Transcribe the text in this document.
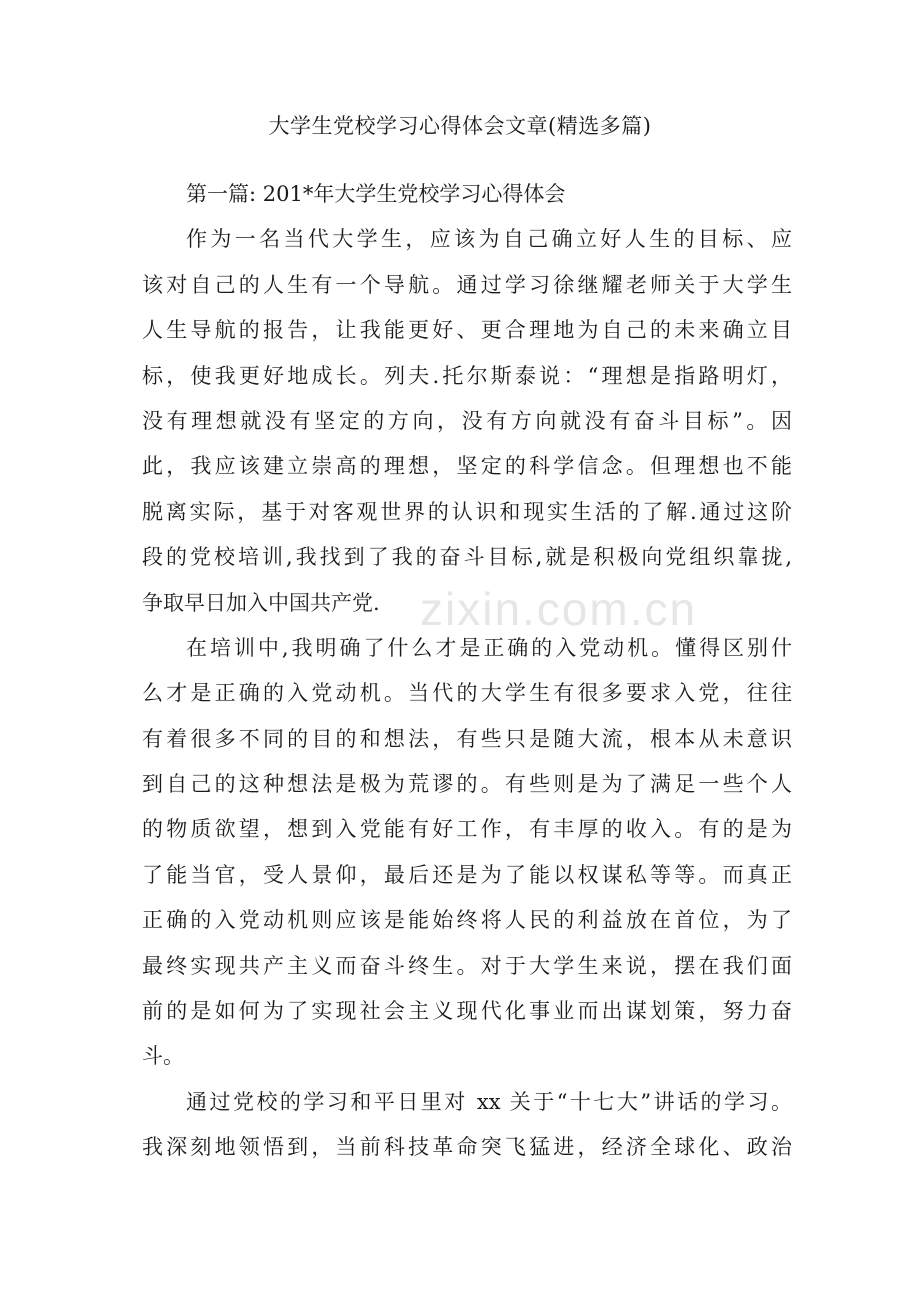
大学生党校学习心得体会文章(精选多篇)
第一篇: 201*年大学生党校学习心得体会
作为一名当代大学生，应该为自己确立好人生的目标、应
该对自己的人生有一个导航。通过学习徐继耀老师关于大学生
人生导航的报告，让我能更好、更合理地为自己的未来确立目
标，使我更好地成长。列夫.托尔斯泰说：“理想是指路明灯，
没有理想就没有坚定的方向，没有方向就没有奋斗目标”。因
此，我应该建立崇高的理想，坚定的科学信念。但理想也不能
脱离实际，基于对客观世界的认识和现实生活的了解.通过这阶
段的党校培训,我找到了我的奋斗目标,就是积极向党组织靠拢,
争取早日加入中国共产党.
在培训中,我明确了什么才是正确的入党动机。懂得区别什
么才是正确的入党动机。当代的大学生有很多要求入党，往往
有着很多不同的目的和想法，有些只是随大流，根本从未意识
到自己的这种想法是极为荒谬的。有些则是为了满足一些个人
的物质欲望，想到入党能有好工作，有丰厚的收入。有的是为
了能当官，受人景仰，最后还是为了能以权谋私等等。而真正
正确的入党动机则应该是能始终将人民的利益放在首位，为了
最终实现共产主义而奋斗终生。对于大学生来说，摆在我们面
前的是如何为了实现社会主义现代化事业而出谋划策，努力奋
斗。
通过党校的学习和平日里对 xx 关于“十七大”讲话的学习。
我深刻地领悟到，当前科技革命突飞猛进，经济全球化、政治
zixin.com.cn
